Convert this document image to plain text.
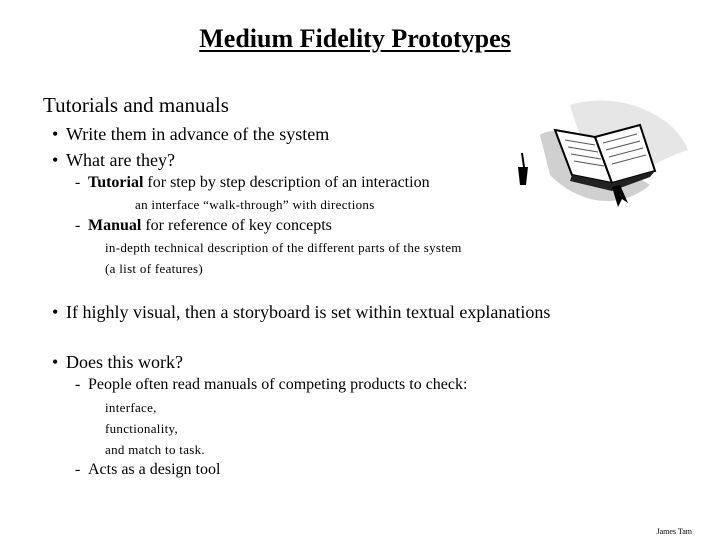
Medium Fidelity Prototypes
Tutorials and manuals
• Write them in advance of the system
• What are they?
- Tutorial for step by step description of an interaction
an interface “walk-through” with directions
- Manual for reference of key concepts
in-depth technical description of the different parts of the system
(a list of features)
• If highly visual, then a storyboard is set within textual explanations
• Does this work?
- People often read manuals of competing products to check:
interface,
functionality,
and match to task.
- Acts as a design tool
James Tam
